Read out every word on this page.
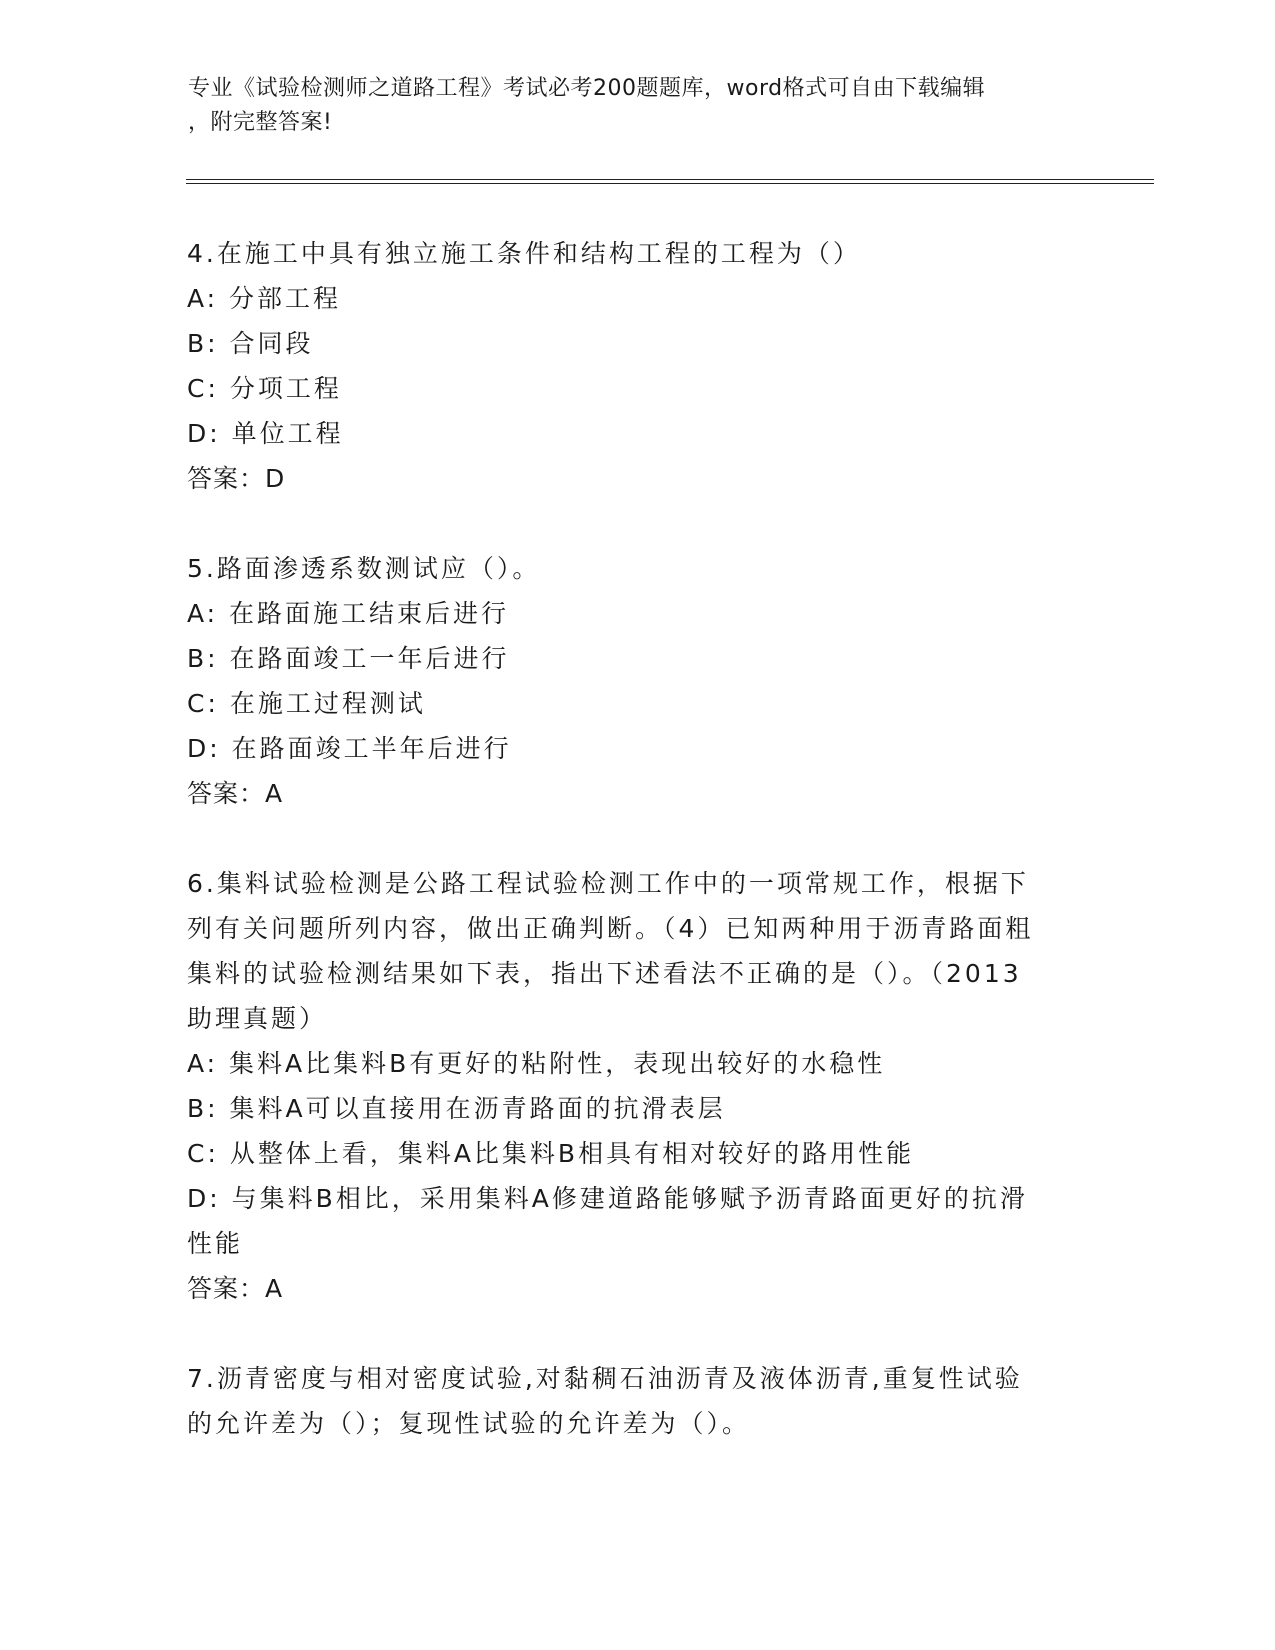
专业《试验检测师之道路工程》考试必考200题题库，word格式可自由下载编辑
，附完整答案!
4.在施工中具有独立施工条件和结构工程的工程为（）
A: 分部工程
B: 合同段
C: 分项工程
D: 单位工程
答案：D
5.路面渗透系数测试应（）。
A: 在路面施工结束后进行
B: 在路面竣工一年后进行
C: 在施工过程测试
D: 在路面竣工半年后进行
答案：A
6.集料试验检测是公路工程试验检测工作中的一项常规工作，根据下
列有关问题所列内容，做出正确判断。（4）已知两种用于沥青路面粗
集料的试验检测结果如下表，指出下述看法不正确的是（）。（2013
助理真题）
A: 集料A比集料B有更好的粘附性，表现出较好的水稳性
B: 集料A可以直接用在沥青路面的抗滑表层
C: 从整体上看，集料A比集料B相具有相对较好的路用性能
D: 与集料B相比，采用集料A修建道路能够赋予沥青路面更好的抗滑
性能
答案：A
7.沥青密度与相对密度试验,对黏稠石油沥青及液体沥青,重复性试验
的允许差为（）；复现性试验的允许差为（）。
